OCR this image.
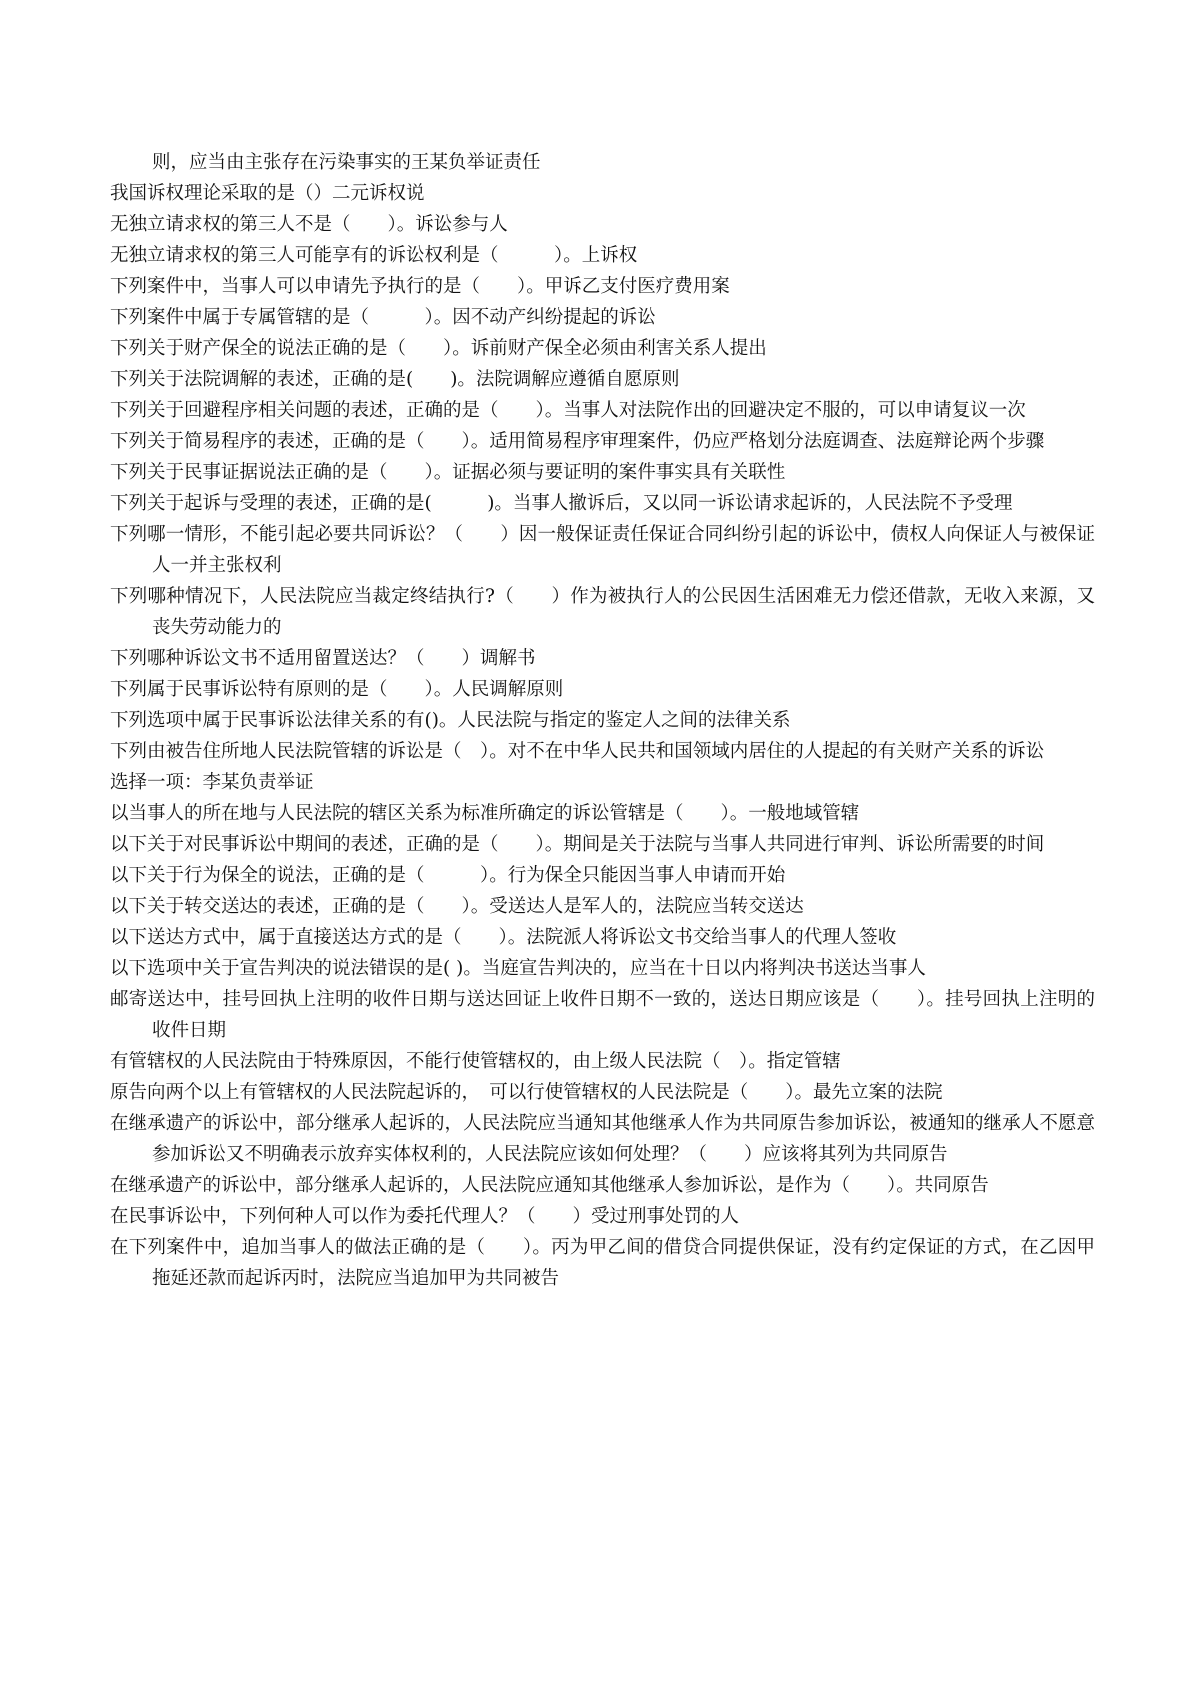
则，应当由主张存在污染事实的王某负举证责任

我国诉权理论采取的是（）二元诉权说

无独立请求权的第三人不是（　　）。诉讼参与人

无独立请求权的第三人可能享有的诉讼权利是（　　　）。上诉权

下列案件中，当事人可以申请先予执行的是（　　）。甲诉乙支付医疗费用案

下列案件中属于专属管辖的是（　　　）。因不动产纠纷提起的诉讼

下列关于财产保全的说法正确的是（　　）。诉前财产保全必须由利害关系人提出

下列关于法院调解的表述，正确的是(　　)。法院调解应遵循自愿原则

下列关于回避程序相关问题的表述，正确的是（　　）。当事人对法院作出的回避决定不服的，可以申请复议一次

下列关于简易程序的表述，正确的是（　　）。适用简易程序审理案件，仍应严格划分法庭调查、法庭辩论两个步骤

下列关于民事证据说法正确的是（　　）。证据必须与要证明的案件事实具有关联性

下列关于起诉与受理的表述，正确的是(　　　)。当事人撤诉后，又以同一诉讼请求起诉的，人民法院不予受理

下列哪一情形，不能引起必要共同诉讼？（　　）因一般保证责任保证合同纠纷引起的诉讼中，债权人向保证人与被保证人一并主张权利

下列哪种情况下，人民法院应当裁定终结执行?（　　）作为被执行人的公民因生活困难无力偿还借款，无收入来源，又丧失劳动能力的

下列哪种诉讼文书不适用留置送达？（　　）调解书

下列属于民事诉讼特有原则的是（　　）。人民调解原则

下列选项中属于民事诉讼法律关系的有()。人民法院与指定的鉴定人之间的法律关系

下列由被告住所地人民法院管辖的诉讼是（　）。对不在中华人民共和国领域内居住的人提起的有关财产关系的诉讼

选择一项：李某负责举证

以当事人的所在地与人民法院的辖区关系为标准所确定的诉讼管辖是（　　）。一般地域管辖

以下关于对民事诉讼中期间的表述，正确的是（　　）。期间是关于法院与当事人共同进行审判、诉讼所需要的时间

以下关于行为保全的说法，正确的是（　　　）。行为保全只能因当事人申请而开始

以下关于转交送达的表述，正确的是（　　）。受送达人是军人的，法院应当转交送达

以下送达方式中，属于直接送达方式的是（　　）。法院派人将诉讼文书交给当事人的代理人签收

以下选项中关于宣告判决的说法错误的是( )。当庭宣告判决的，应当在十日以内将判决书送达当事人

邮寄送达中，挂号回执上注明的收件日期与送达回证上收件日期不一致的，送达日期应该是（　　）。挂号回执上注明的收件日期

有管辖权的人民法院由于特殊原因，不能行使管辖权的，由上级人民法院（　）。指定管辖

原告向两个以上有管辖权的人民法院起诉的，　可以行使管辖权的人民法院是（　　）。最先立案的法院

在继承遗产的诉讼中，部分继承人起诉的，人民法院应当通知其他继承人作为共同原告参加诉讼，被通知的继承人不愿意参加诉讼又不明确表示放弃实体权利的，人民法院应该如何处理？（　　）应该将其列为共同原告

在继承遗产的诉讼中，部分继承人起诉的，人民法院应通知其他继承人参加诉讼，是作为（　　）。共同原告

在民事诉讼中，下列何种人可以作为委托代理人？（　　）受过刑事处罚的人

在下列案件中，追加当事人的做法正确的是（　　）。丙为甲乙间的借贷合同提供保证，没有约定保证的方式，在乙因甲拖延还款而起诉丙时，法院应当追加甲为共同被告
